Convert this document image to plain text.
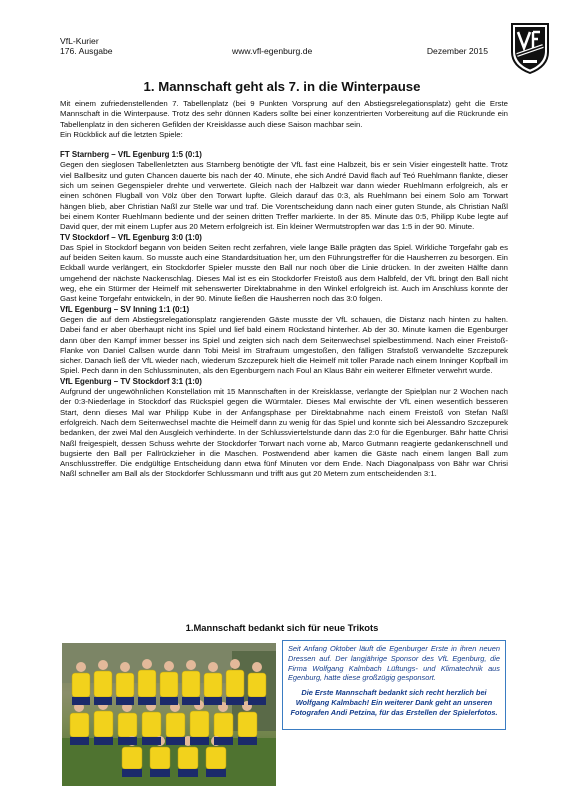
VfL-Kurier
176. Ausgabe	www.vfl-egenburg.de	Dezember 2015
1. Mannschaft geht als 7. in die Winterpause

Mit einem zufriedenstellenden 7. Tabellenplatz (bei 9 Punkten Vorsprung auf den Abstiegsrelegationsplatz) geht die Erste Mannschaft in die Winterpause. Trotz des sehr dünnen Kaders sollte bei einer konzentrierten Vorbereitung auf die Rückrunde ein Tabellenplatz in den sicheren Gefilden der Kreisklasse auch diese Saison machbar sein.
Ein Rückblick auf die letzten Spiele:

FT Starnberg – VfL Egenburg 1:5 (0:1)

Gegen den sieglosen Tabellenletzten aus Starnberg benötigte der VfL fast eine Halbzeit, bis er sein Visier eingestellt hatte. Trotz viel Ballbesitz und guten Chancen dauerte bis nach der 40. Minute, ehe sich André David flach auf Teó Ruehlmann flankte, dieser sich um seinen Gegenspieler drehte und verwertete. Gleich nach der Halbzeit war dann wieder Ruehlmann erfolgreich, als er einen schönen Flugball von Völz über den Torwart lupfte. Gleich darauf das 0:3, als Ruehlmann bei einem Solo am Torwart hängen blieb, aber Christian Naßl zur Stelle war und traf. Die Vorentscheidung dann nach einer guten Stunde, als Christian Naßl bei einem Konter Ruehlmann bediente und der seinen dritten Treffer markierte. In der 85. Minute das 0:5, Philipp Kube legte auf David quer, der mit einem Lupfer aus 20 Metern erfolgreich ist. Ein kleiner Wermutstropfen war das 1:5 in der 90. Minute.

TV Stockdorf – VfL Egenburg 3:0 (1:0)

Das Spiel in Stockdorf begann von beiden Seiten recht zerfahren, viele lange Bälle prägten das Spiel. Wirkliche Torgefahr gab es auf beiden Seiten kaum. So musste auch eine Standardsituation her, um den Führungstreffer für die Hausherren zu besorgen. Ein Eckball wurde verlängert, ein Stockdorfer Spieler musste den Ball nur noch über die Linie drücken. In der zweiten Hälfte dann umgehend der nächste Nackenschlag. Dieses Mal ist es ein Stockdorfer Freistoß aus dem Halbfeld, der VfL bringt den Ball nicht weg, ehe ein Stürmer der Heimelf mit sehenswerter Direktabnahme in den Winkel erfolgreich ist. Auch im Anschluss konnte der Gast keine Torgefahr entwickeln, in der 90. Minute ließen die Hausherren noch das 3:0 folgen.

VfL Egenburg – SV Inning 1:1 (0:1)

Gegen die auf dem Abstiegsrelegationsplatz rangierenden Gäste musste der VfL schauen, die Distanz nach hinten zu halten. Dabei fand er aber überhaupt nicht ins Spiel und lief bald einem Rückstand hinterher. Ab der 30. Minute kamen die Egenburger dann über den Kampf immer besser ins Spiel und zeigten sich nach dem Seitenwechsel spielbestimmend. Nach einer Freistoß-Flanke von Daniel Callsen wurde dann Tobi Meisl im Strafraum umgestoßen, den fälligen Strafstoß verwandelte Szczepurek sicher. Danach ließ der VfL wieder nach, wiederum Szczepurek hielt die Heimelf mit toller Parade nach einem Inninger Kopfball im Spiel. Pech dann in den Schlussminuten, als den Egenburgern nach Foul an Klaus Bähr ein weiterer Elfmeter verwehrt wurde.

VfL Egenburg – TV Stockdorf 3:1 (1:0)

Aufgrund der ungewöhnlichen Konstellation mit 15 Mannschaften in der Kreisklasse, verlangte der Spielplan nur 2 Wochen nach der 0:3-Niederlage in Stockdorf das Rückspiel gegen die Würmtaler. Dieses Mal erwischte der VfL einen wesentlich besseren Start, denn dieses Mal war Philipp Kube in der Anfangsphase per Direktabnahme nach einem Freistoß von Stefan Naßl erfolgreich. Nach dem Seitenwechsel machte die Heimelf dann zu wenig für das Spiel und konnte sich bei Alessandro Szczepurek bedanken, der zwei Mal den Ausgleich verhinderte. In der Schlussviertelstunde dann das 2:0 für die Egenburger. Bähr hatte Chrisi Naßl freigespielt, dessen Schuss wehrte der Stockdorfer Torwart nach vorne ab, Marco Gutmann reagierte gedankenschnell und bugsierte den Ball per Fallrückzieher in die Maschen. Postwendend aber kamen die Gäste nach einem langen Ball zum Anschlusstreffer. Die endgültige Entscheidung dann etwa fünf Minuten vor dem Ende. Nach Diagonalpass von Bähr war Chrisi Naßl schneller am Ball als der Stockdorfer Schlussmann und trifft aus gut 20 Metern zum entscheidenden 3:1.

1.Mannschaft bedankt sich für neue Trikots

Seit Anfang Oktober läuft die Egenburger Erste in ihren neuen Dressen auf. Der langjährige Sponsor des VfL Egenburg, die Firma Wolfgang Kalmbach Lüftungs- und Klimatechnik aus Egenburg, hatte diese großzügig gesponsort.

Die Erste Mannschaft bedankt sich recht herzlich bei Wolfgang Kalmbach! Ein weiterer Dank geht an unseren Fotografen Andi Petzina, für das Erstellen der Spielerfotos.
